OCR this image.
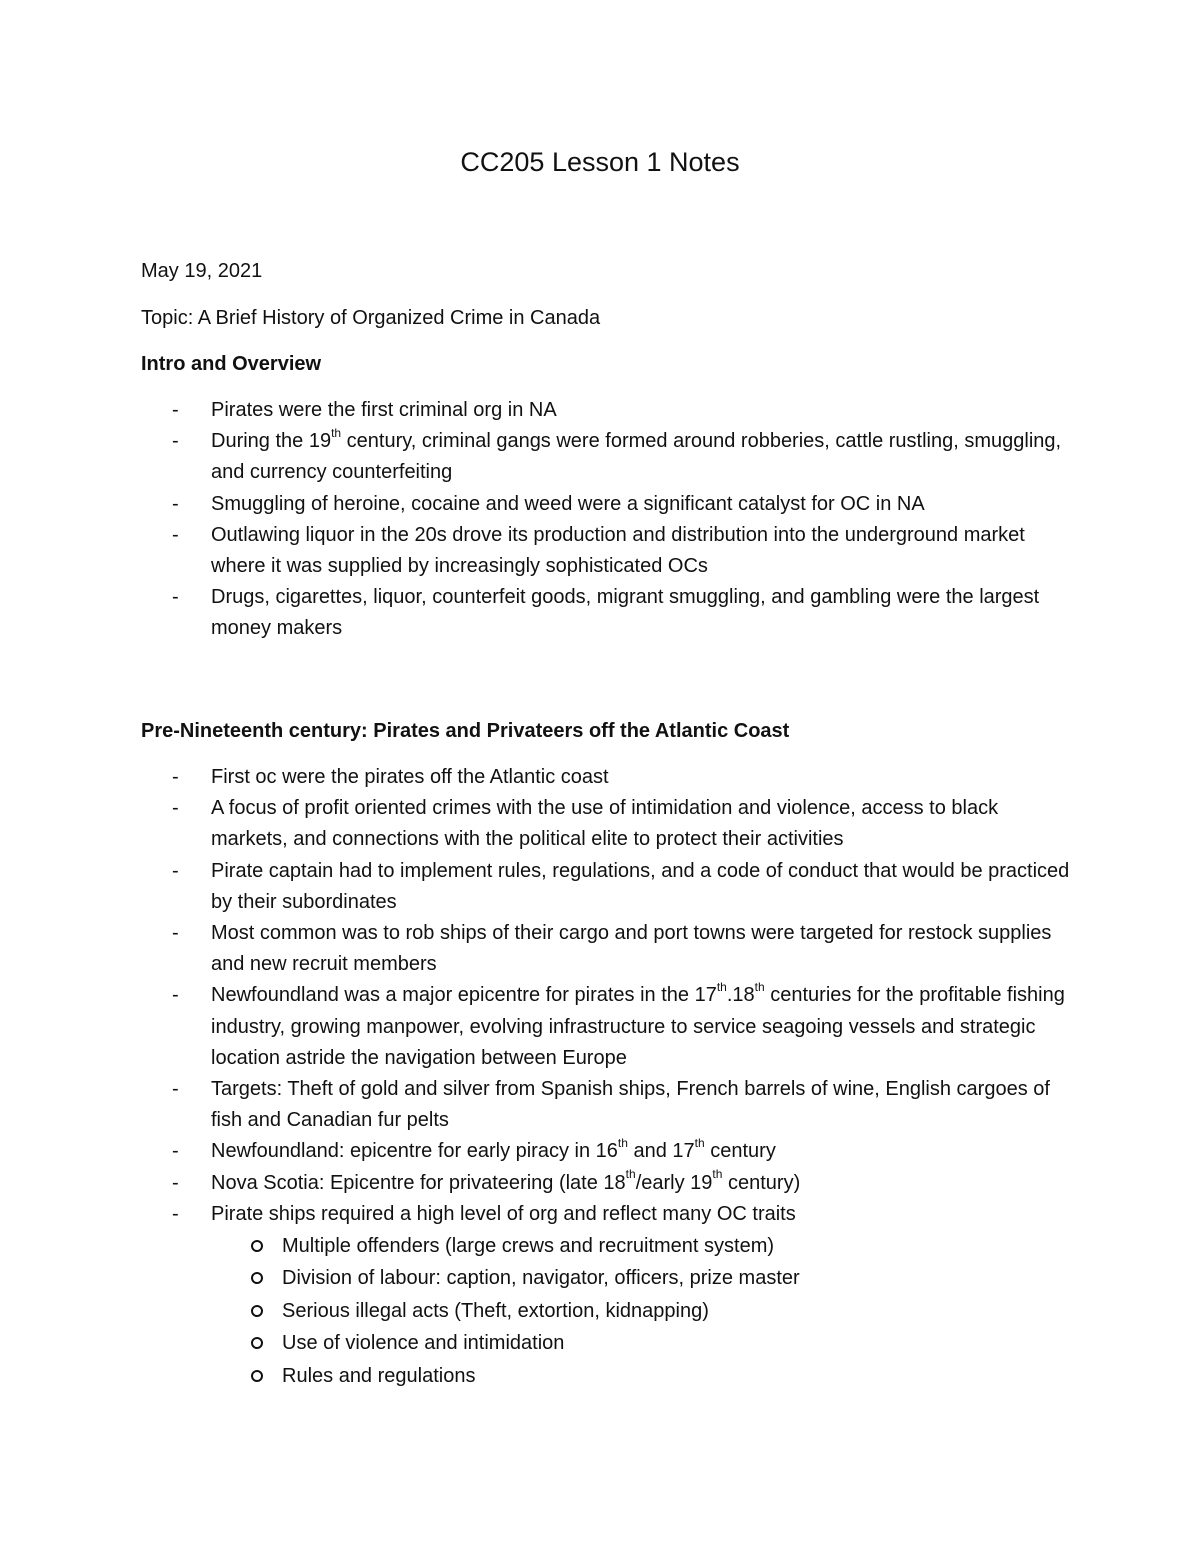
CC205 Lesson 1 Notes

May 19, 2021

Topic: A Brief History of Organized Crime in Canada

Intro and Overview

- Pirates were the first criminal org in NA
- During the 19th century, criminal gangs were formed around robberies, cattle rustling, smuggling, and currency counterfeiting
- Smuggling of heroine, cocaine and weed were a significant catalyst for OC in NA
- Outlawing liquor in the 20s drove its production and distribution into the underground market where it was supplied by increasingly sophisticated OCs
- Drugs, cigarettes, liquor, counterfeit goods, migrant smuggling, and gambling were the largest money makers

Pre-Nineteenth century: Pirates and Privateers off the Atlantic Coast

- First oc were the pirates off the Atlantic coast
- A focus of profit oriented crimes with the use of intimidation and violence, access to black markets, and connections with the political elite to protect their activities
- Pirate captain had to implement rules, regulations, and a code of conduct that would be practiced by their subordinates
- Most common was to rob ships of their cargo and port towns were targeted for restock supplies and new recruit members
- Newfoundland was a major epicentre for pirates in the 17th.18th centuries for the profitable fishing industry, growing manpower, evolving infrastructure to service seagoing vessels and strategic location astride the navigation between Europe
- Targets: Theft of gold and silver from Spanish ships, French barrels of wine, English cargoes of fish and Canadian fur pelts
- Newfoundland: epicentre for early piracy in 16th and 17th century
- Nova Scotia: Epicentre for privateering (late 18th/early 19th century)
- Pirate ships required a high level of org and reflect many OC traits
Multiple offenders (large crews and recruitment system)
Division of labour: caption, navigator, officers, prize master
Serious illegal acts (Theft, extortion, kidnapping)
Use of violence and intimidation
Rules and regulations
